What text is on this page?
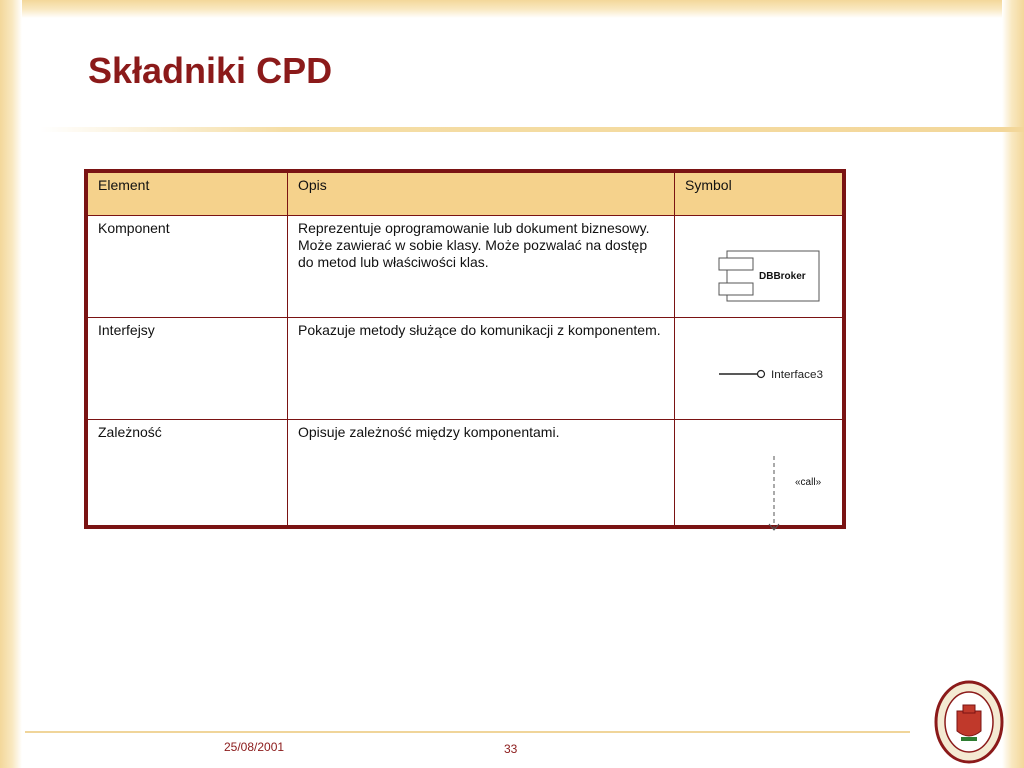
Składniki CPD
Element	Opis	Symbol
Komponent	Reprezentuje oprogramowanie lub dokument biznesowy. Może zawierać w sobie klasy. Może pozwalać na dostęp do metod lub właściwości klas.	DBBroker

Interfejsy	Pokazuje metody służące do komunikacji z komponentem.	Interface3

Zależność	Opisuje zależność między komponentami.	«call»
25/08/2001	33
